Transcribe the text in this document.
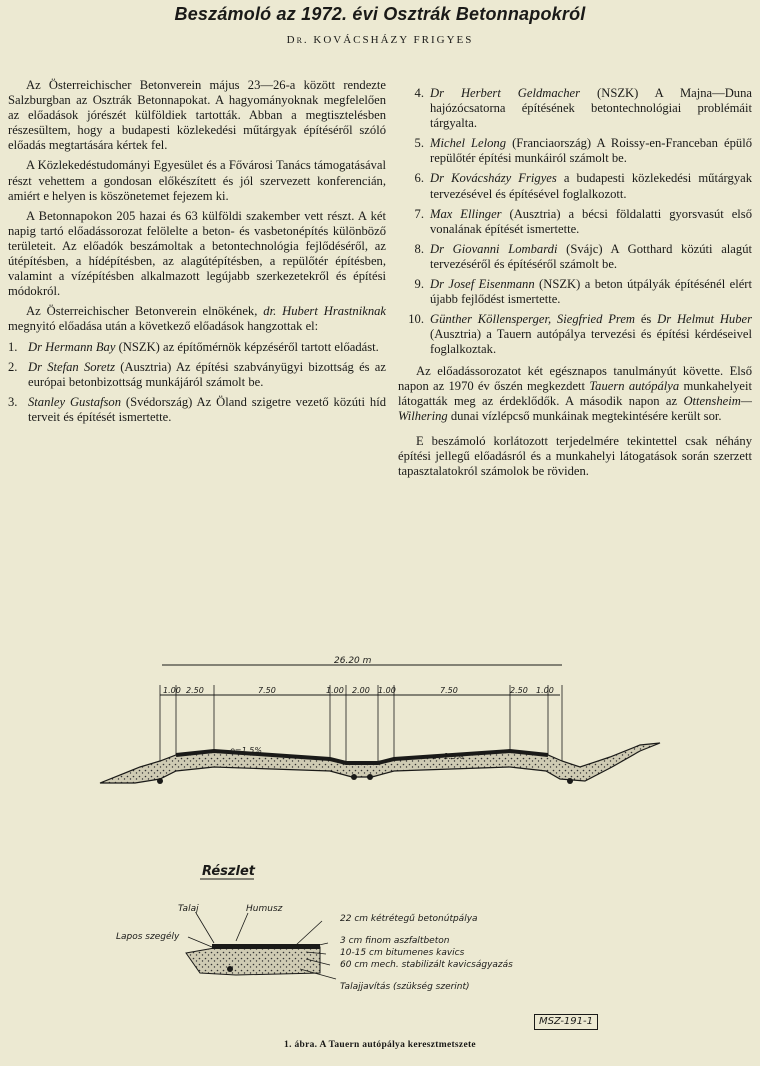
Beszámoló az 1972. évi Osztrák Betonnapokról
Dr. KOVÁCSHÁZY FRIGYES

Az Österreichischer Betonverein május 23—26-a között rendezte Salzburgban az Osztrák Betonnapokat. A hagyományoknak megfelelően az előadások jórészét külföldiek tartották. Abban a megtisztelésben részesültem, hogy a budapesti közlekedési műtárgyak építéséről szóló előadás megtartására kértek fel.

A Közlekedéstudományi Egyesület és a Fővárosi Tanács támogatásával részt vehettem a gondosan előkészített és jól szervezett konferencián, amiért e helyen is köszönetemet fejezem ki.

A Betonnapokon 205 hazai és 63 külföldi szakember vett részt. A két napig tartó előadássorozat felölelte a beton- és vasbetonépítés különböző területeit. Az előadók beszámoltak a betontechnológia fejlődéséről, az útépítésben, a hídépítésben, az alagútépítésben, a repülőtér építésben, valamint a vízépítésben alkalmazott legújabb szerkezetekről és építési módokról.

Az Österreichischer Betonverein elnökének, dr. Hubert Hrastniknak megnyitó előadása után a következő előadások hangzottak el:

1. Dr Hermann Bay (NSZK) az építőmérnök képzéséről tartott előadást.
2. Dr Stefan Soretz (Ausztria) Az építési szabványügyi bizottság és az európai betonbizottság munkájáról számolt be.
3. Stanley Gustafson (Svédország) Az Öland szigetre vezető közúti híd terveit és építését ismertette.
4. Dr Herbert Geldmacher (NSZK) A Majna—Duna hajózócsatorna építésének betontechnológiai problémáit tárgyalta.
5. Michel Lelong (Franciaország) A Roissy-en-Franceban épülő repülőtér építési munkáiról számolt be.
6. Dr Kovácsházy Frigyes a budapesti közlekedési műtárgyak tervezésével és építésével foglalkozott.
7. Max Ellinger (Ausztria) a bécsi földalatti gyorsvasút első vonalának építését ismertette.
8. Dr Giovanni Lombardi (Svájc) A Gotthard közúti alagút tervezéséről és építéséről számolt be.
9. Dr Josef Eisenmann (NSZK) a beton útpályák építésénél elért újabb fejlődést ismertette.
10. Günther Köllensperger, Siegfried Prem és Dr Helmut Huber (Ausztria) a Tauern autópálya tervezési és építési kérdéseivel foglalkoztak.

Az előadássorozatot két egésznapos tanulmányút követte. Első napon az 1970 év őszén megkezdett Tauern autópálya munkahelyeit látogatták meg az érdeklődők. A második napon az Ottensheim—Wilhering dunai vízlépcső munkáinak megtekintésére került sor.

E beszámoló korlátozott terjedelmére tekintettel csak néhány építési jellegű előadásról és a munkahelyi látogatások során szerzett tapasztalatokról számolok be röviden.

26.20 m
1.00 2.50	7.50	1.00 2.00 1.00	7.50	2.50 1.00
e=1.5%
e=1.5%
Részlet
Talaj	Humusz
Lapos szegély
22 cm kétrétegű betonútpálya
3 cm finom aszfaltbeton
10-15 cm bitumenes kavics
60 cm mech. stabilizált kavicságyazás
Talajjavítás (szükség szerint)
MSZ-191-1
1. ábra. A Tauern autópálya keresztmetszete
